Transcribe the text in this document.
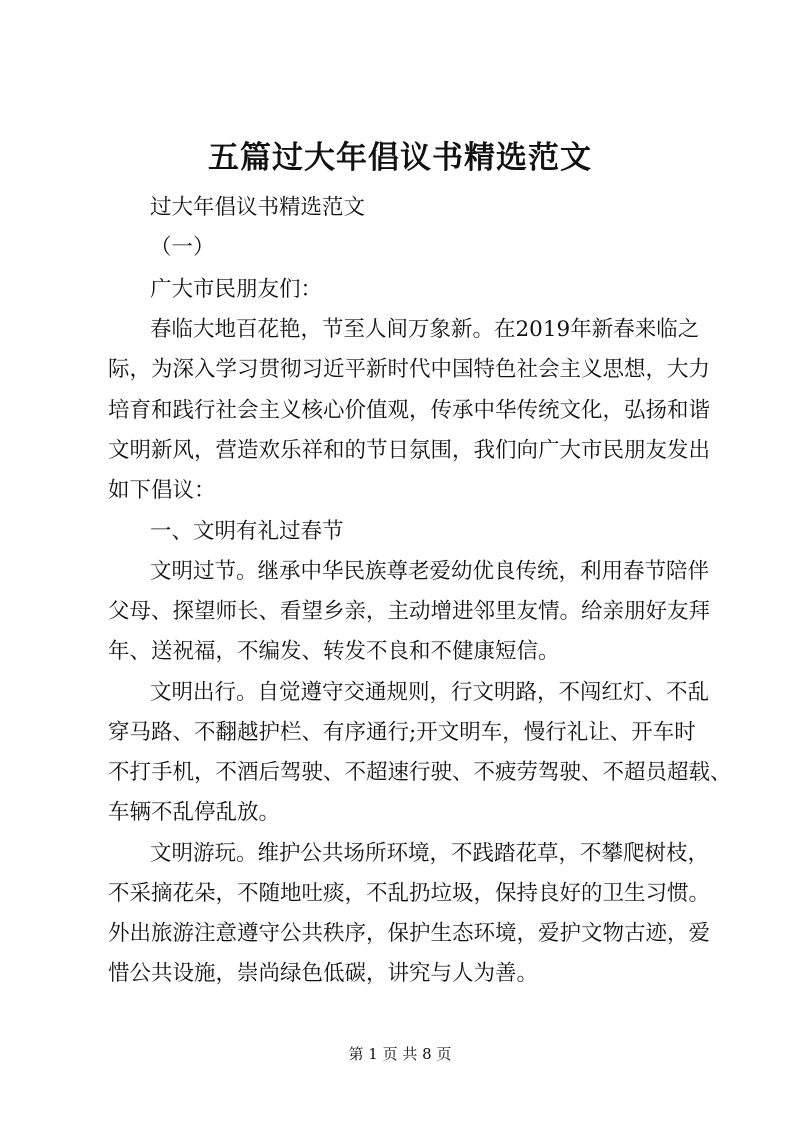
五篇过大年倡议书精选范文

过大年倡议书精选范文

（一）

广大市民朋友们：

春临大地百花艳，节至人间万象新。在2019年新春来临之

际，为深入学习贯彻习近平新时代中国特色社会主义思想，大力

培育和践行社会主义核心价值观，传承中华传统文化，弘扬和谐

文明新风，营造欢乐祥和的节日氛围，我们向广大市民朋友发出

如下倡议：

一、文明有礼过春节

文明过节。继承中华民族尊老爱幼优良传统，利用春节陪伴

父母、探望师长、看望乡亲，主动增进邻里友情。给亲朋好友拜

年、送祝福，不编发、转发不良和不健康短信。

文明出行。自觉遵守交通规则，行文明路，不闯红灯、不乱

穿马路、不翻越护栏、有序通行;开文明车，慢行礼让、开车时

不打手机，不酒后驾驶、不超速行驶、不疲劳驾驶、不超员超载、

车辆不乱停乱放。

文明游玩。维护公共场所环境，不践踏花草，不攀爬树枝，

不采摘花朵，不随地吐痰，不乱扔垃圾，保持良好的卫生习惯。

外出旅游注意遵守公共秩序，保护生态环境，爱护文物古迹，爱

惜公共设施，崇尚绿色低碳，讲究与人为善。

第 1 页 共 8 页
